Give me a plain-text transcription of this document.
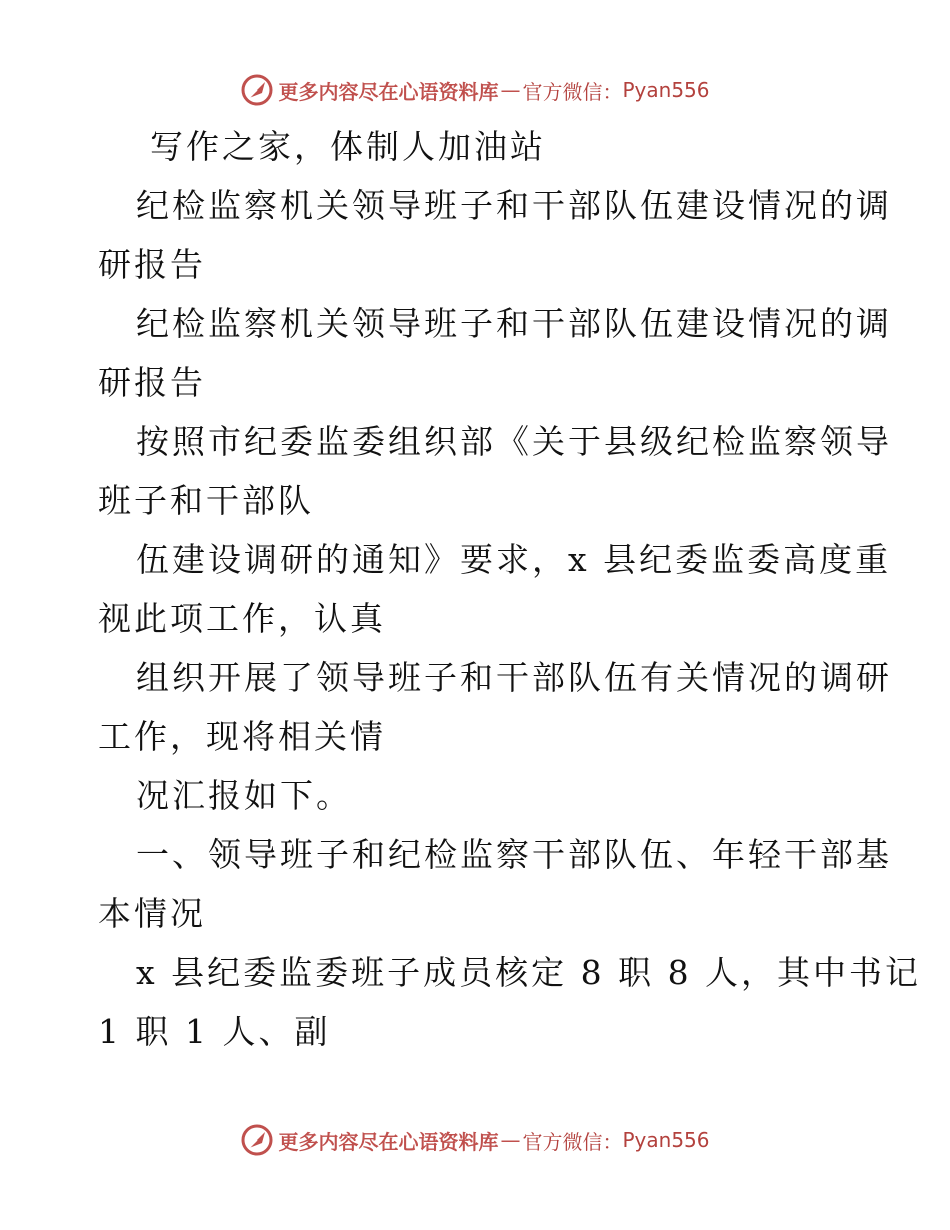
更多内容尽在心语资料库 — 官方微信： Pyan556
写作之家，体制人加油站
纪检监察机关领导班子和干部队伍建设情况的调
研报告
纪检监察机关领导班子和干部队伍建设情况的调
研报告
按照市纪委监委组织部《关于县级纪检监察领导
班子和干部队
伍建设调研的通知》要求，x 县纪委监委高度重
视此项工作，认真
组织开展了领导班子和干部队伍有关情况的调研
工作，现将相关情
况汇报如下。
一、领导班子和纪检监察干部队伍、年轻干部基
本情况
x 县纪委监委班子成员核定 8 职 8 人，其中书记
1 职 1 人、副
更多内容尽在心语资料库 — 官方微信： Pyan556
